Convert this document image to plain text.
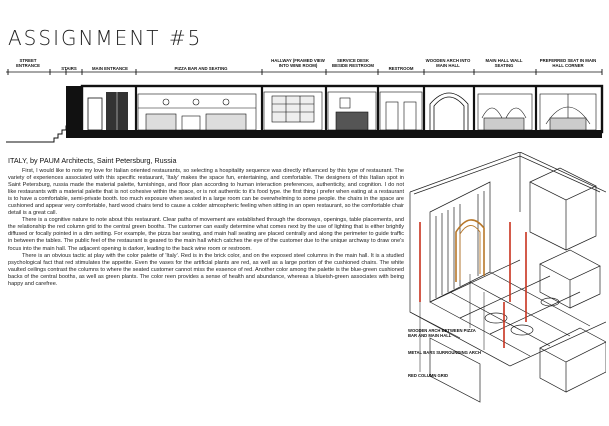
ASSIGNMENT #5
STREET ENTRANCE
STAIRS	MAIN ENTRANCE	PIZZA BAR AND SEATING
HALLWAY (FRAMED VIEW INTO WINE ROOM)
SERVICE DESK BESIDE RESTROOM
RESTROOM
WOODEN ARCH INTO MAIN HALL
MAIN HALL WALL SEATING
PREFERRED SEAT IN MAIN HALL CORNER
ITALY, by PAUM Architects, Saint Petersburg, Russia

First, I would like to note my love for Italian oriented restaurants, so selecting a hospitality sequence was directly influenced by this type of restaurant. The variety of experiences associated with this specific restaurant, 'Italy' makes the space fun, entertaining, and comfortable. The designers of this Italian spot in Saint Petersburg, russia made the material palette, furnishings, and floor plan according to human interaction preferences, authenticity, and cognition. I do not like restaurants with a material palette that is not cohesive within the space, or is not authentic to it's food type. the first thing i prefer when eating at a restaurant is to have a comfortable, semi-private booth. too much exposure when seated in a large room can be overwhelming to some people. the chairs in the space are cushioned and appear very comfortable, hard wood chairs tend to cause a colder atmospheric feeling when sitting in an open restaurant, so the comfortable chair detail is a great call.

There is a cognitive nature to note about this restaurant. Clear paths of movement are established through the doorways, openings, table placements, and the relationship the red column grid to the central green booths. The customer can easily determine what comes next by the use of lighting that is either brightly diffused or focally pointed in a dim setting. For example, the pizza bar seating, and main hall seating are placed centrally and along the perimeter to guide traffic in between the tables. The public feel of the restaurant is geared to the main hall which catches the eye of the customer due to the unique archway to draw one's focus into the main hall. The adjacent opening is darker, leading to the back wine room or restroom.

There is an obvious tactic at play with the color palette of 'Italy'. Red is in the brick color, and on the exposed steel columns in the main hall. It is a studied psychological fact that red stimulates the appetite. Even the vases for the artificial plants are red, as well as a large portion of the cushioned chairs. The white vaulted ceilings contrast the columns to where the seated customer cannot miss the essence of red. Another color among the palette is the blue-green cushioned backs of the central booths, as well as green plants. The color reen provides a sense of health and abundance, whereas a blueish-green associates with being happy and carefree.

WOODEN ARCH BETWEEN PIZZA BAR AND MAIN HALL
METAL BARS SURROUNDING ARCH
RED COLUMN GRID
